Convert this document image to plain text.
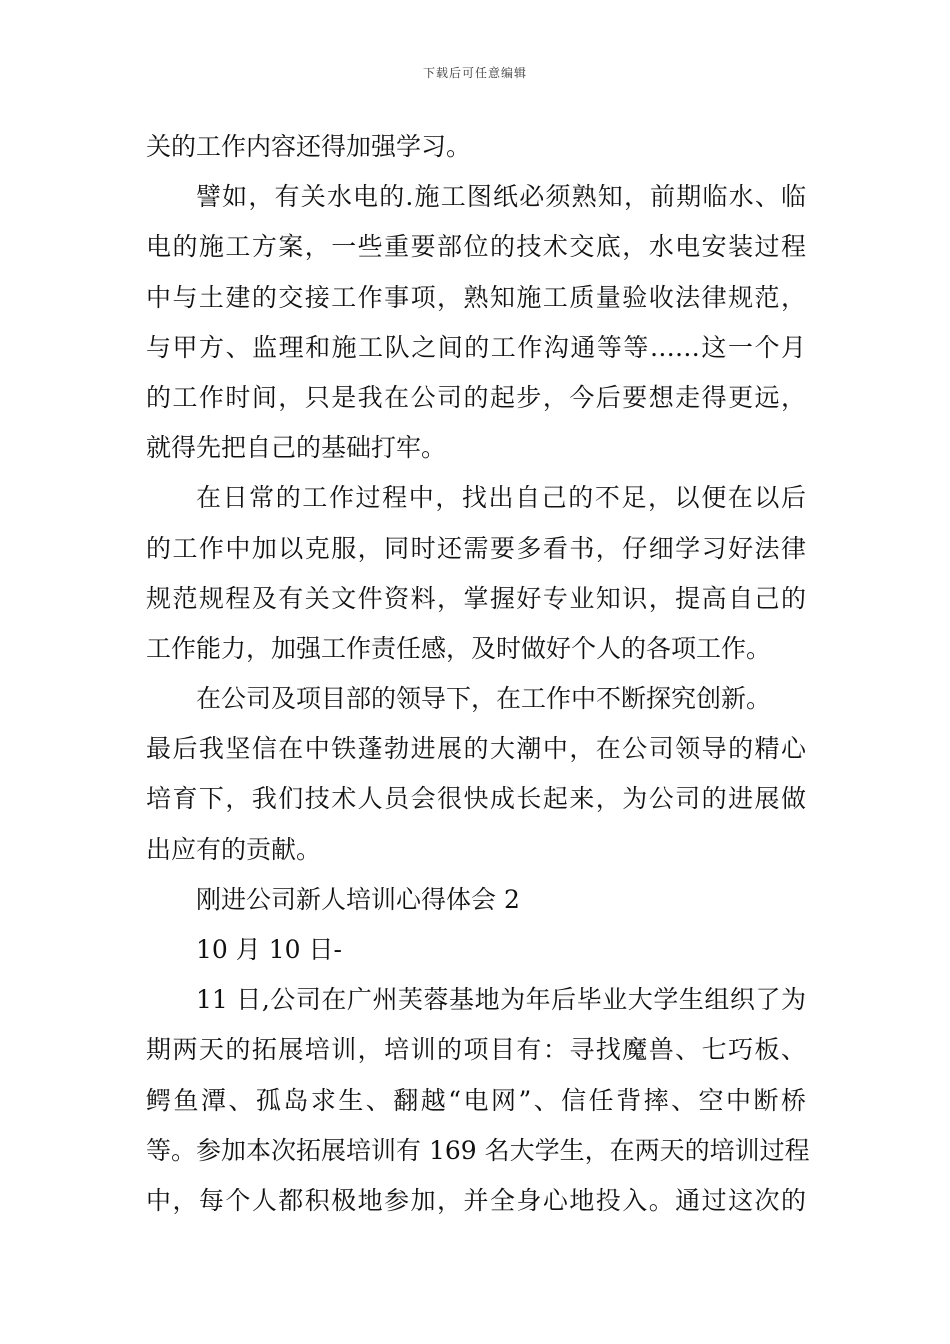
下载后可任意编辑
关的工作内容还得加强学习。
譬如，有关水电的.施工图纸必须熟知，前期临水、临
电的施工方案，一些重要部位的技术交底，水电安装过程
中与土建的交接工作事项，熟知施工质量验收法律规范，
与甲方、监理和施工队之间的工作沟通等等……这一个月
的工作时间，只是我在公司的起步，今后要想走得更远，
就得先把自己的基础打牢。
在日常的工作过程中，找出自己的不足，以便在以后
的工作中加以克服，同时还需要多看书，仔细学习好法律
规范规程及有关文件资料，掌握好专业知识，提高自己的
工作能力，加强工作责任感，及时做好个人的各项工作。
在公司及项目部的领导下，在工作中不断探究创新。
最后我坚信在中铁蓬勃进展的大潮中，在公司领导的精心
培育下，我们技术人员会很快成长起来，为公司的进展做
出应有的贡献。
刚进公司新人培训心得体会 2
10 月 10 日-
11 日,公司在广州芙蓉基地为年后毕业大学生组织了为
期两天的拓展培训，培训的项目有：寻找魔兽、七巧板、
鳄鱼潭、孤岛求生、翻越“电网”、信任背摔、空中断桥
等。参加本次拓展培训有 169 名大学生，在两天的培训过程
中，每个人都积极地参加，并全身心地投入。通过这次的
